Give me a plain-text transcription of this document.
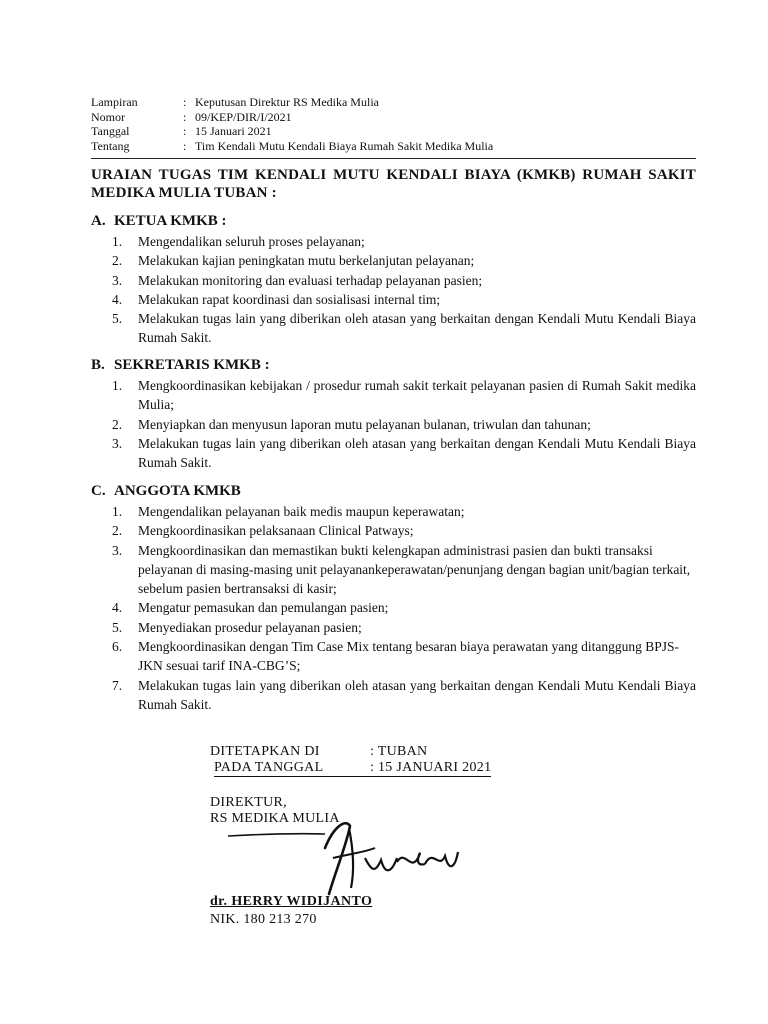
Lampiran	: Keputusan Direktur RS Medika Mulia
Nomor	: 09/KEP/DIR/I/2021
Tanggal	: 15 Januari 2021
Tentang	: Tim Kendali Mutu Kendali Biaya Rumah Sakit Medika Mulia
URAIAN TUGAS TIM KENDALI MUTU KENDALI BIAYA (KMKB) RUMAH SAKIT MEDIKA MULIA TUBAN :
A. KETUA KMKB :
1.	Mengendalikan seluruh proses pelayanan;
2.	Melakukan kajian peningkatan mutu berkelanjutan pelayanan;
3.	Melakukan monitoring dan evaluasi terhadap pelayanan pasien;
4.	Melakukan rapat koordinasi dan sosialisasi internal tim;
5.	Melakukan tugas lain yang diberikan oleh atasan yang berkaitan dengan Kendali Mutu Kendali Biaya Rumah Sakit.
B. SEKRETARIS KMKB :
1.	Mengkoordinasikan kebijakan / prosedur rumah sakit terkait pelayanan pasien di Rumah Sakit medika Mulia;
2.	Menyiapkan dan menyusun laporan mutu pelayanan bulanan, triwulan dan tahunan;
3.	Melakukan tugas lain yang diberikan oleh atasan yang berkaitan dengan Kendali Mutu Kendali Biaya Rumah Sakit.
C. ANGGOTA KMKB
1.	Mengendalikan pelayanan baik medis maupun keperawatan;
2.	Mengkoordinasikan pelaksanaan Clinical Patways;
3.	Mengkoordinasikan dan memastikan bukti kelengkapan administrasi pasien dan bukti transaksi pelayanan di masing-masing unit pelayanankeperawatan/penunjang dengan bagian unit/bagian terkait, sebelum pasien bertransaksi di kasir;
4.	Mengatur pemasukan dan pemulangan pasien;
5.	Menyediakan prosedur pelayanan pasien;
6.	Mengkoordinasikan dengan Tim Case Mix tentang besaran biaya perawatan yang ditanggung BPJS-JKN sesuai tarif INA-CBG’S;
7.	Melakukan tugas lain yang diberikan oleh atasan yang berkaitan dengan Kendali Mutu Kendali Biaya Rumah Sakit.
DITETAPKAN DI	: TUBAN
PADA TANGGAL	: 15 JANUARI 2021
DIREKTUR,
RS MEDIKA MULIA
dr. HERRY WIDIJANTO
NIK. 180 213 270
